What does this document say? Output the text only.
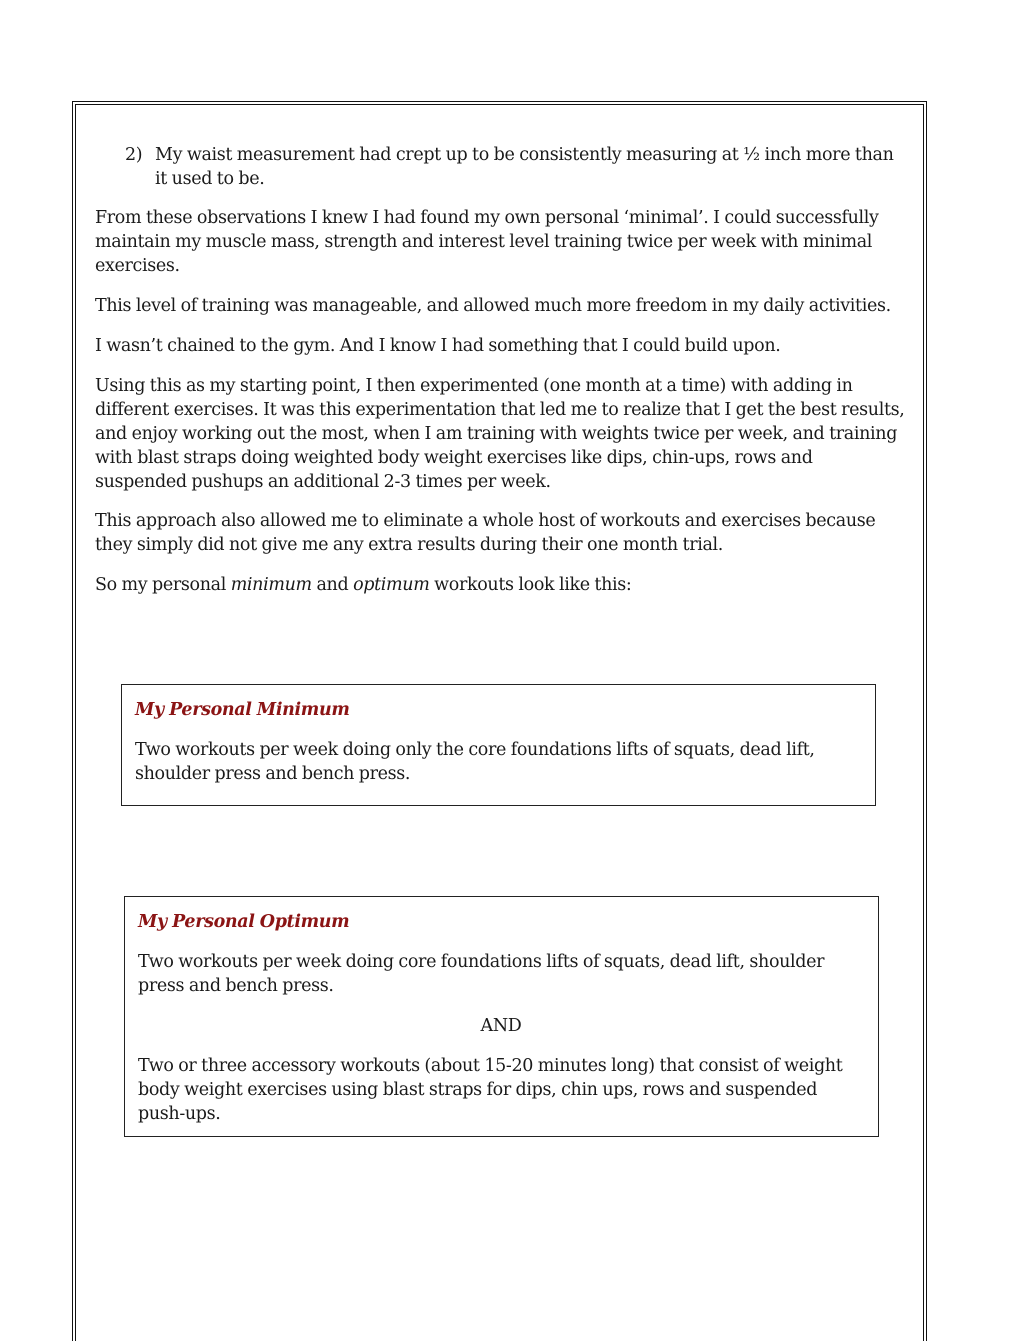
2) My waist measurement had crept up to be consistently measuring at ½ inch more than
it used to be.
From these observations I knew I had found my own personal ‘minimal’. I could successfully
maintain my muscle mass, strength and interest level training twice per week with minimal
exercises.
This level of training was manageable, and allowed much more freedom in my daily activities.
I wasn’t chained to the gym. And I know I had something that I could build upon.
Using this as my starting point, I then experimented (one month at a time) with adding in
different exercises. It was this experimentation that led me to realize that I get the best results,
and enjoy working out the most, when I am training with weights twice per week, and training
with blast straps doing weighted body weight exercises like dips, chin-ups, rows and
suspended pushups an additional 2-3 times per week.
This approach also allowed me to eliminate a whole host of workouts and exercises because
they simply did not give me any extra results during their one month trial.
So my personal minimum and optimum workouts look like this:
My Personal Minimum
Two workouts per week doing only the core foundations lifts of squats, dead lift,
shoulder press and bench press.
My Personal Optimum
Two workouts per week doing core foundations lifts of squats, dead lift, shoulder
press and bench press.
AND
Two or three accessory workouts (about 15-20 minutes long) that consist of weight
body weight exercises using blast straps for dips, chin ups, rows and suspended
push-ups.
